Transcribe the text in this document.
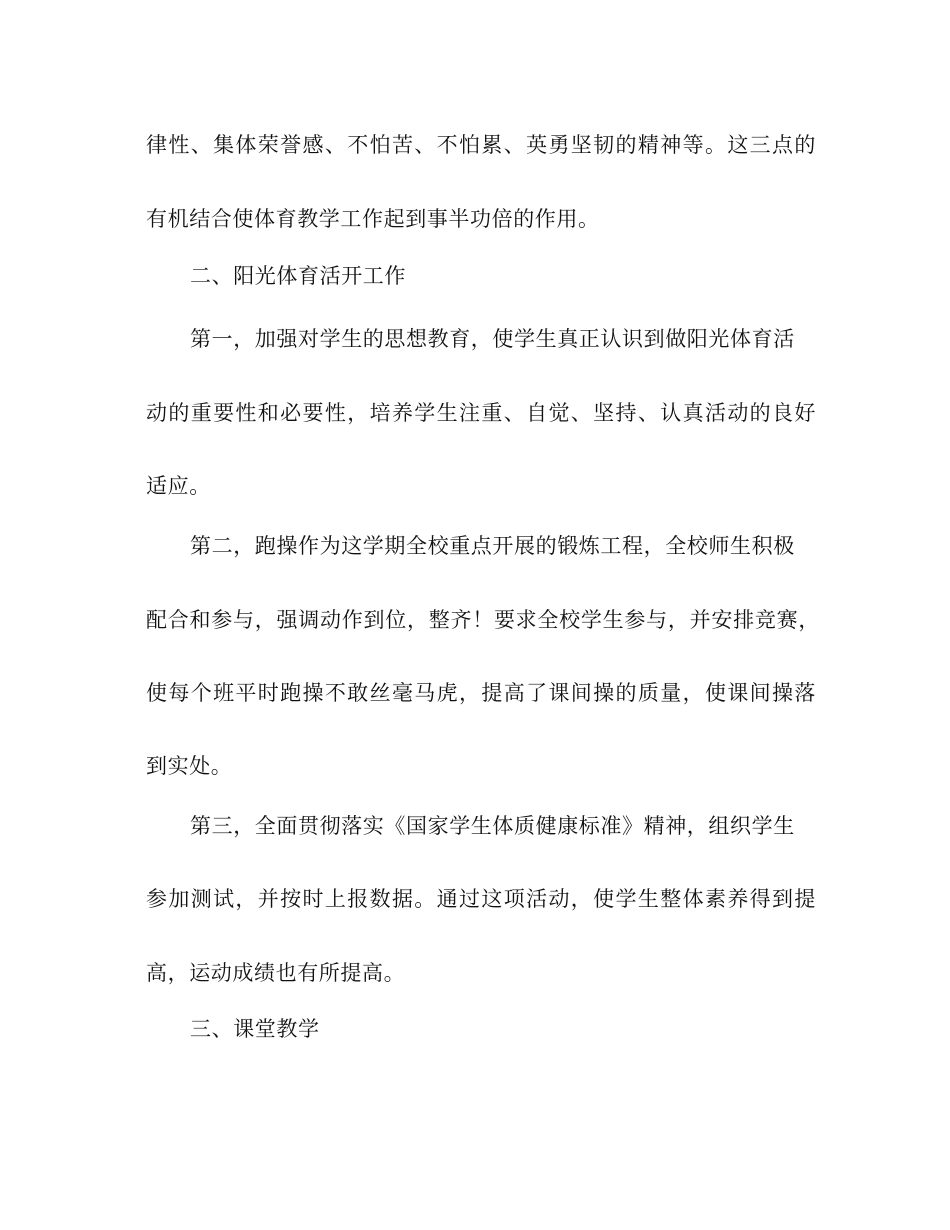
律性、集体荣誉感、不怕苦、不怕累、英勇坚韧的精神等。这三点的
有机结合使体育教学工作起到事半功倍的作用。
二、阳光体育活开工作
第一，加强对学生的思想教育，使学生真正认识到做阳光体育活
动的重要性和必要性，培养学生注重、自觉、坚持、认真活动的良好
适应。
第二，跑操作为这学期全校重点开展的锻炼工程，全校师生积极
配合和参与，强调动作到位，整齐！要求全校学生参与，并安排竞赛，
使每个班平时跑操不敢丝毫马虎，提高了课间操的质量，使课间操落
到实处。
第三，全面贯彻落实《国家学生体质健康标准》精神，组织学生
参加测试，并按时上报数据。通过这项活动，使学生整体素养得到提
高，运动成绩也有所提高。
三、课堂教学
